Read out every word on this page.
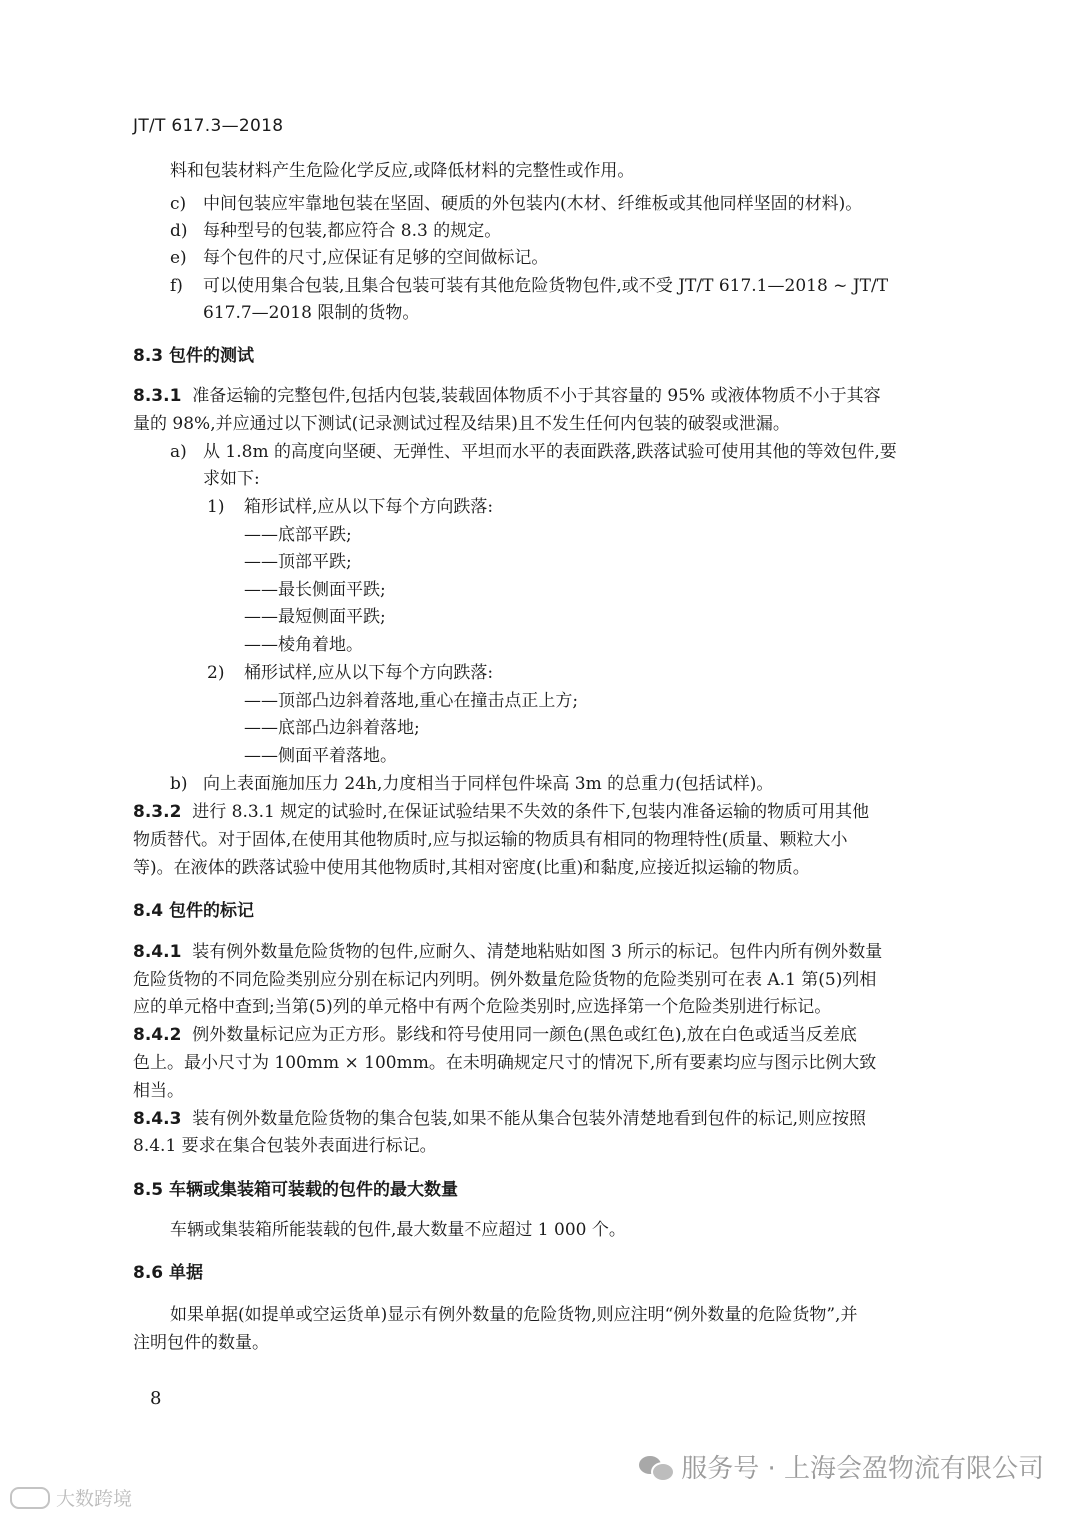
JT/T 617.3—2018
料和包装材料产生危险化学反应,或降低材料的完整性或作用。
c) 中间包装应牢靠地包装在坚固、硬质的外包装内(木材、纤维板或其他同样坚固的材料)。
d) 每种型号的包装,都应符合 8.3 的规定。
e) 每个包件的尺寸,应保证有足够的空间做标记。
f) 可以使用集合包装,且集合包装可装有其他危险货物包件,或不受 JT/T 617.1—2018 ~ JT/T
617.7—2018 限制的货物。
8.3 包件的测试
8.3.1 准备运输的完整包件,包括内包装,装载固体物质不小于其容量的 95% 或液体物质不小于其容
量的 98%,并应通过以下测试(记录测试过程及结果)且不发生任何内包装的破裂或泄漏。
a) 从 1.8m 的高度向坚硬、无弹性、平坦而水平的表面跌落,跌落试验可使用其他的等效包件,要
求如下:
1) 箱形试样,应从以下每个方向跌落:
——底部平跌;
——顶部平跌;
——最长侧面平跌;
——最短侧面平跌;
——棱角着地。
2) 桶形试样,应从以下每个方向跌落:
——顶部凸边斜着落地,重心在撞击点正上方;
——底部凸边斜着落地;
——侧面平着落地。
b) 向上表面施加压力 24h,力度相当于同样包件垛高 3m 的总重力(包括试样)。
8.3.2 进行 8.3.1 规定的试验时,在保证试验结果不失效的条件下,包装内准备运输的物质可用其他
物质替代。对于固体,在使用其他物质时,应与拟运输的物质具有相同的物理特性(质量、颗粒大小
等)。在液体的跌落试验中使用其他物质时,其相对密度(比重)和黏度,应接近拟运输的物质。
8.4 包件的标记
8.4.1 装有例外数量危险货物的包件,应耐久、清楚地粘贴如图 3 所示的标记。包件内所有例外数量
危险货物的不同危险类别应分别在标记内列明。例外数量危险货物的危险类别可在表 A.1 第(5)列相
应的单元格中查到;当第(5)列的单元格中有两个危险类别时,应选择第一个危险类别进行标记。
8.4.2 例外数量标记应为正方形。影线和符号使用同一颜色(黑色或红色),放在白色或适当反差底
色上。最小尺寸为 100mm × 100mm。在未明确规定尺寸的情况下,所有要素均应与图示比例大致
相当。
8.4.3 装有例外数量危险货物的集合包装,如果不能从集合包装外清楚地看到包件的标记,则应按照
8.4.1 要求在集合包装外表面进行标记。
8.5 车辆或集装箱可装载的包件的最大数量
车辆或集装箱所能装载的包件,最大数量不应超过 1 000 个。
8.6 单据
如果单据(如提单或空运货单)显示有例外数量的危险货物,则应注明“例外数量的危险货物”,并
注明包件的数量。
8
服务号 · 上海会盈物流有限公司
大数跨境
